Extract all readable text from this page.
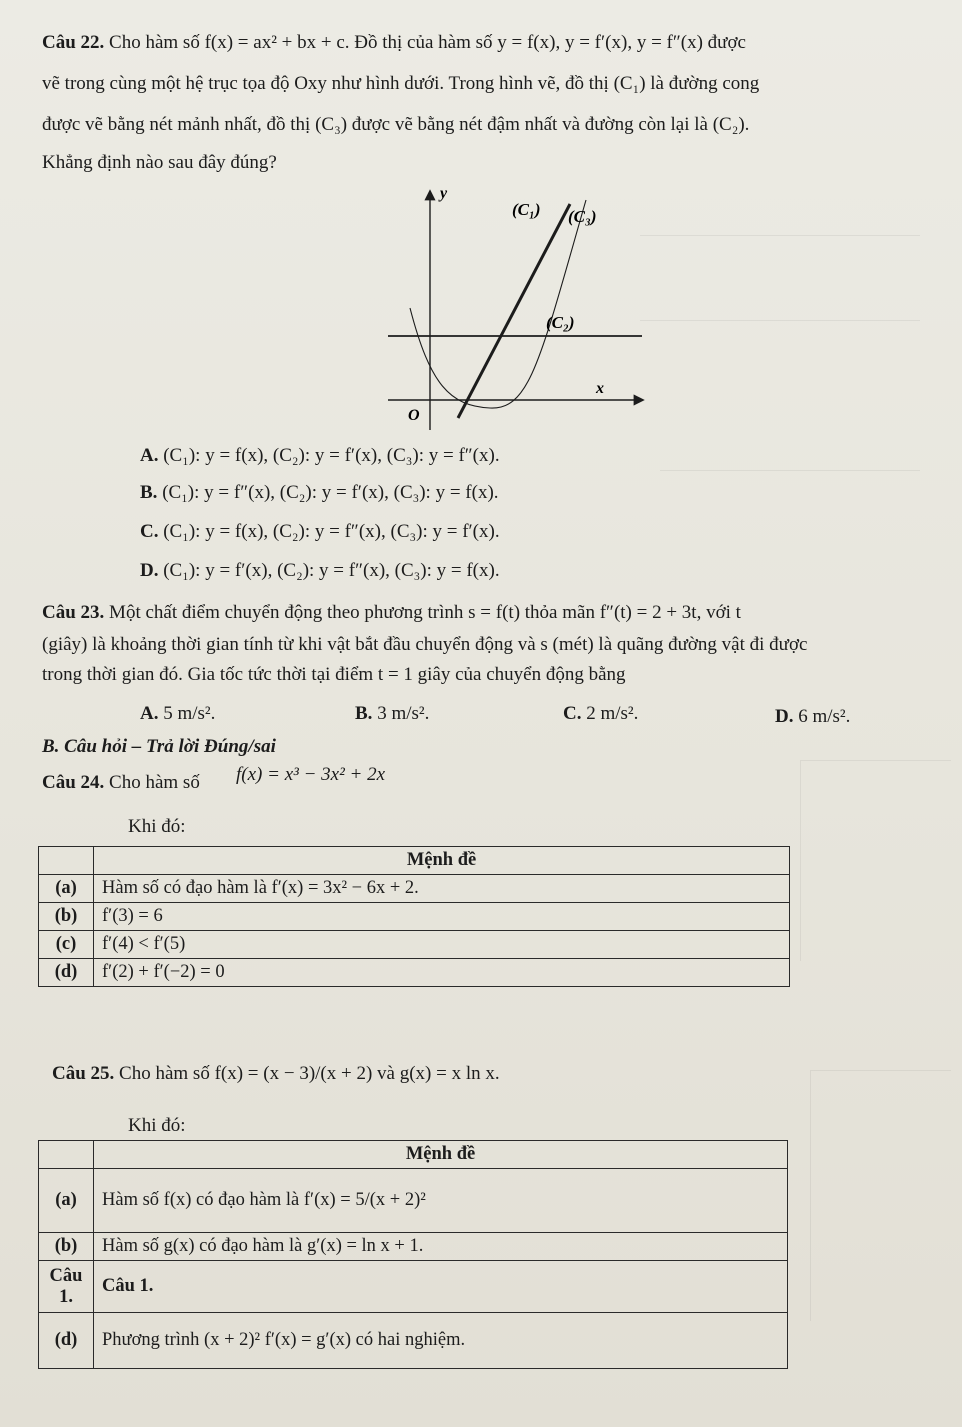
Câu 22. Cho hàm số f(x) = ax² + bx + c. Đồ thị của hàm số y = f(x), y = f′(x), y = f″(x) được
vẽ trong cùng một hệ trục tọa độ Oxy như hình dưới. Trong hình vẽ, đồ thị (C₁) là đường cong
được vẽ bằng nét mảnh nhất, đồ thị (C₃) được vẽ bằng nét đậm nhất và đường còn lại là (C₂).
Khẳng định nào sau đây đúng?
y
x
O
(C₁) (C₃)
(C₂)
A. (C₁): y = f(x), (C₂): y = f′(x), (C₃): y = f″(x).
B. (C₁): y = f″(x), (C₂): y = f′(x), (C₃): y = f(x).
C. (C₁): y = f(x), (C₂): y = f″(x), (C₃): y = f′(x).
D. (C₁): y = f′(x), (C₂): y = f″(x), (C₃): y = f(x).
Câu 23. Một chất điểm chuyển động theo phương trình s = f(t) thỏa mãn f″(t) = 2 + 3t, với t
(giây) là khoảng thời gian tính từ khi vật bắt đầu chuyển động và s (mét) là quãng đường vật đi được
trong thời gian đó. Gia tốc tức thời tại điểm t = 1 giây của chuyển động bằng
A. 5 m/s².	B. 3 m/s².	C. 2 m/s².	D. 6 m/s².
B. Câu hỏi – Trả lời Đúng/sai
Câu 24. Cho hàm số f(x) = x³ − 3x² + 2x
Khi đó:
	Mệnh đề
(a)	Hàm số có đạo hàm là f′(x) = 3x² − 6x + 2.
(b)	f′(3) = 6
(c)	f′(4) < f′(5)
(d)	f′(2) + f′(−2) = 0
Câu 25. Cho hàm số f(x) = (x − 3)/(x + 2) và g(x) = x ln x.
Khi đó:
	Mệnh đề
(a)	Hàm số f(x) có đạo hàm là f′(x) = 5/(x + 2)²
(b)	Hàm số g(x) có đạo hàm là g′(x) = ln x + 1.
Câu 1.	Câu 1.
(d)	Phương trình (x + 2)² f′(x) = g′(x) có hai nghiệm.
